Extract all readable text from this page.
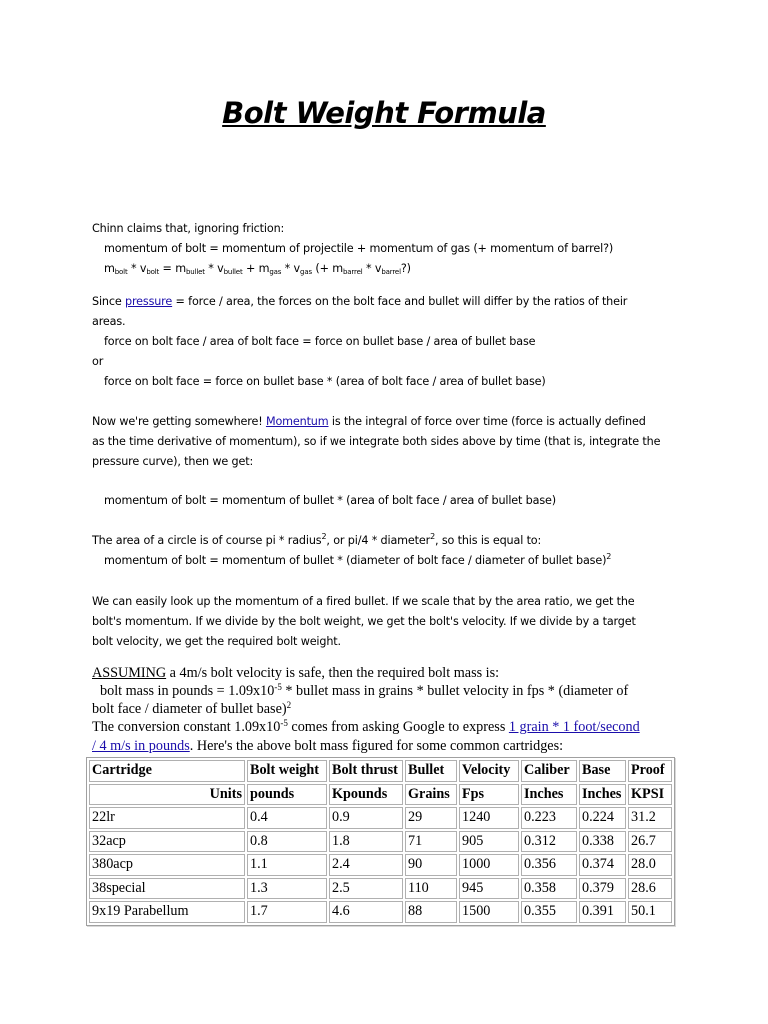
Bolt Weight Formula
Chinn claims that, ignoring friction:
momentum of bolt = momentum of projectile + momentum of gas (+ momentum of barrel?)
$m_{bolt} * v_{bolt} = m_{bullet} * v_{bullet} + m_{gas} * v_{gas}$ (+ $m_{barrel}$ * $v_{barrel}$?)
Since pressure = force / area, the forces on the bolt face and bullet will differ by the ratios of their
areas.
force on bolt face / area of bolt face = force on bullet base / area of bullet base
or
force on bolt face = force on bullet base * (area of bolt face / area of bullet base)
Now we're getting somewhere! Momentum is the integral of force over time (force is actually defined
as the time derivative of momentum), so if we integrate both sides above by time (that is, integrate the
pressure curve), then we get:
momentum of bolt = momentum of bullet * (area of bolt face / area of bullet base)
The area of a circle is of course pi * radius$^2$, or pi/4 * diameter$^2$, so this is equal to:
momentum of bolt = momentum of bullet * (diameter of bolt face / diameter of bullet base)$^2$
We can easily look up the momentum of a fired bullet. If we scale that by the area ratio, we get the
bolt's momentum. If we divide by the bolt weight, we get the bolt's velocity. If we divide by a target
bolt velocity, we get the required bolt weight.
ASSUMING a 4m/s bolt velocity is safe, then the required bolt mass is:
bolt mass in pounds = $1.09x10^{-5}$ * bullet mass in grains * bullet velocity in fps * (diameter of
bolt face / diameter of bullet base)$^2$
The conversion constant $1.09x10^{-5}$ comes from asking Google to express 1 grain * 1 foot/second
/ 4 m/s in pounds. Here's the above bolt mass figured for some common cartridges:
Cartridge	Bolt weight	Bolt thrust	Bullet	Velocity	Caliber	Base	Proof
Units	pounds	Kpounds	Grains	Fps	Inches	Inches	KPSI
22lr	0.4	0.9	29	1240	0.223	0.224	31.2
32acp	0.8	1.8	71	905	0.312	0.338	26.7
380acp	1.1	2.4	90	1000	0.356	0.374	28.0
38special	1.3	2.5	110	945	0.358	0.379	28.6
9x19 Parabellum	1.7	4.6	88	1500	0.355	0.391	50.1
